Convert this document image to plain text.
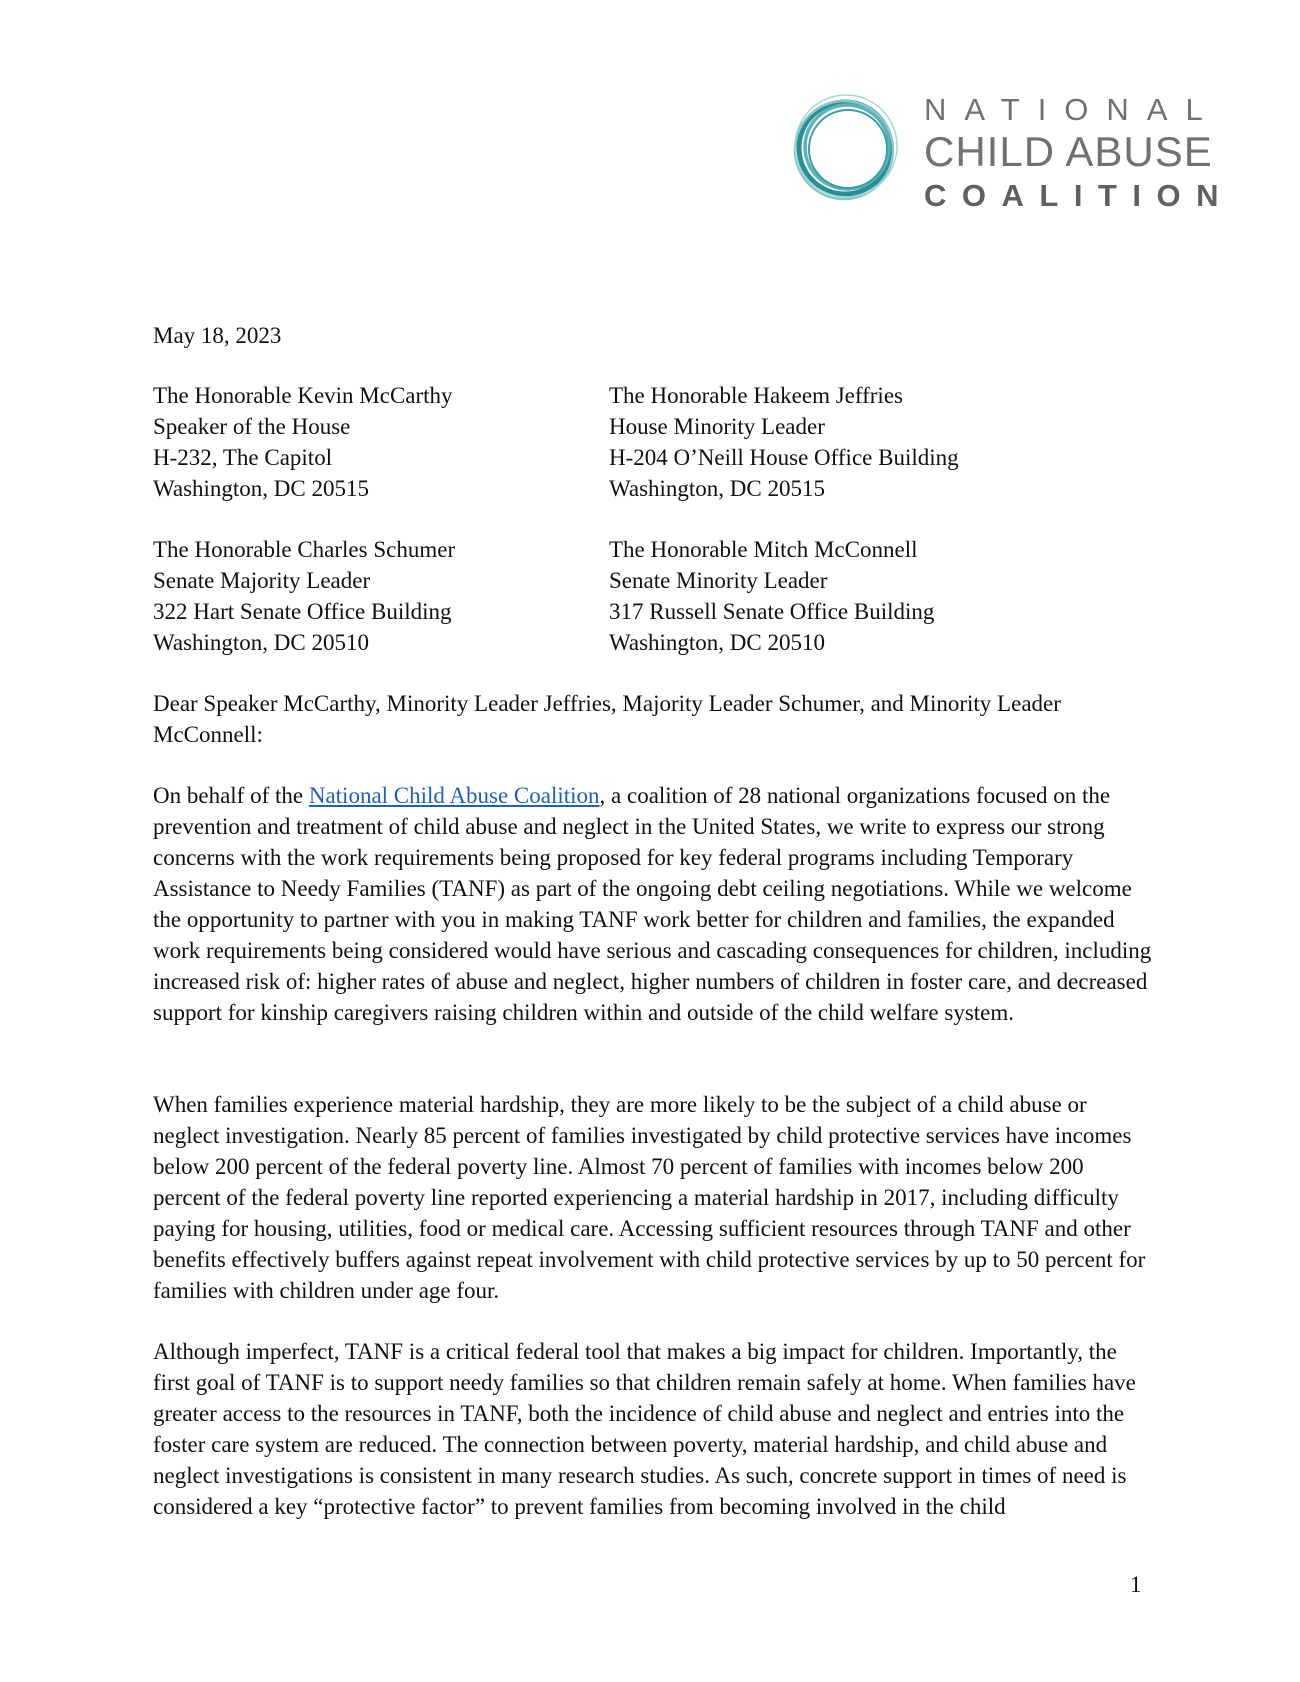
NATIONAL
CHILD ABUSE
COALITION
May 18, 2023
The Honorable Kevin McCarthy
Speaker of the House
H-232, The Capitol
Washington, DC 20515
The Honorable Hakeem Jeffries
House Minority Leader
H-204 O’Neill House Office Building
Washington, DC 20515
The Honorable Charles Schumer
Senate Majority Leader
322 Hart Senate Office Building
Washington, DC 20510
The Honorable Mitch McConnell
Senate Minority Leader
317 Russell Senate Office Building
Washington, DC 20510
Dear Speaker McCarthy, Minority Leader Jeffries, Majority Leader Schumer, and Minority Leader McConnell:

On behalf of the National Child Abuse Coalition, a coalition of 28 national organizations focused on the prevention and treatment of child abuse and neglect in the United States, we write to express our strong concerns with the work requirements being proposed for key federal programs including Temporary Assistance to Needy Families (TANF) as part of the ongoing debt ceiling negotiations. While we welcome the opportunity to partner with you in making TANF work better for children and families, the expanded work requirements being considered would have serious and cascading consequences for children, including increased risk of: higher rates of abuse and neglect, higher numbers of children in foster care, and decreased support for kinship caregivers raising children within and outside of the child welfare system.

When families experience material hardship, they are more likely to be the subject of a child abuse or neglect investigation. Nearly 85 percent of families investigated by child protective services have incomes below 200 percent of the federal poverty line. Almost 70 percent of families with incomes below 200 percent of the federal poverty line reported experiencing a material hardship in 2017, including difficulty paying for housing, utilities, food or medical care. Accessing sufficient resources through TANF and other benefits effectively buffers against repeat involvement with child protective services by up to 50 percent for families with children under age four.

Although imperfect, TANF is a critical federal tool that makes a big impact for children. Importantly, the first goal of TANF is to support needy families so that children remain safely at home. When families have greater access to the resources in TANF, both the incidence of child abuse and neglect and entries into the foster care system are reduced. The connection between poverty, material hardship, and child abuse and neglect investigations is consistent in many research studies. As such, concrete support in times of need is considered a key “protective factor” to prevent families from becoming involved in the child

1
